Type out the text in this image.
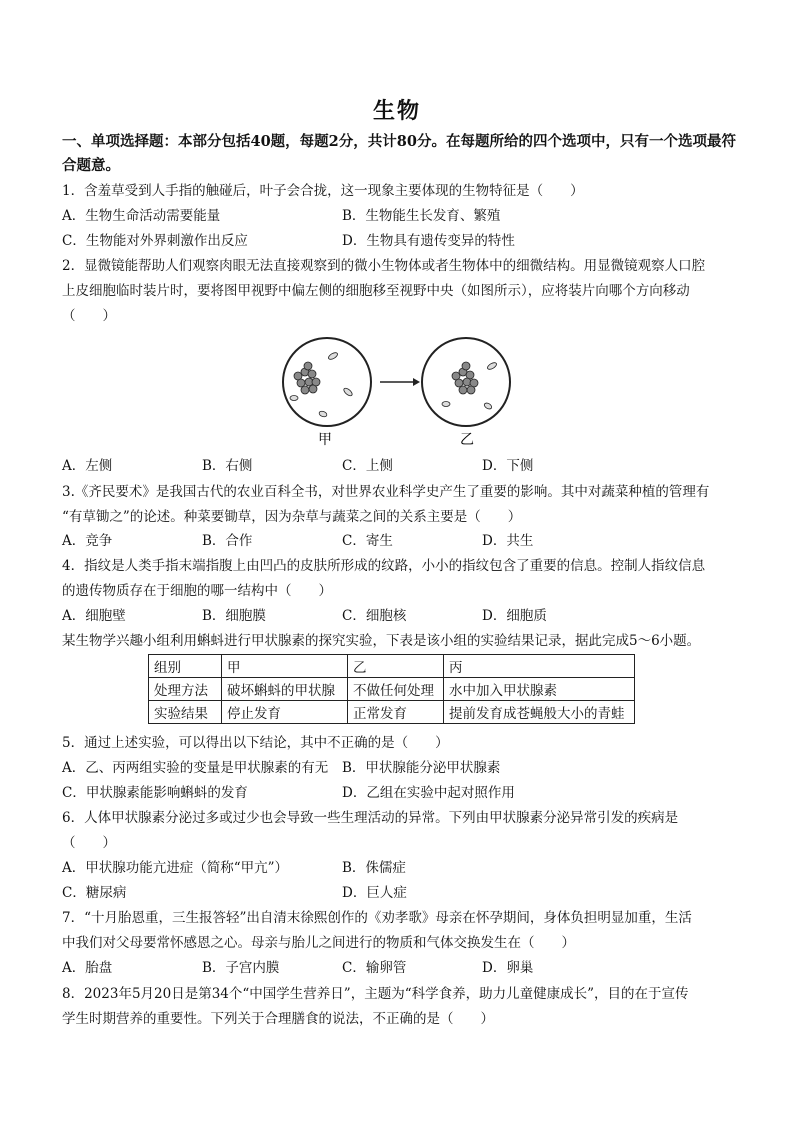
生物
一、单项选择题：本部分包括40题，每题2分，共计80分。在每题所给的四个选项中，只有一个选项最符合题意。
1．含羞草受到人手指的触碰后，叶子会合拢，这一现象主要体现的生物特征是（　　）
A．生物生命活动需要能量	B．生物能生长发育、繁殖
C．生物能对外界刺激作出反应	D．生物具有遗传变异的特性
2．显微镜能帮助人们观察肉眼无法直接观察到的微小生物体或者生物体中的细微结构。用显微镜观察人口腔
上皮细胞临时装片时，要将图甲视野中偏左侧的细胞移至视野中央（如图所示），应将装片向哪个方向移动
（　　）
甲	乙
A．左侧	B．右侧	C．上侧	D．下侧
3.《齐民要术》是我国古代的农业百科全书，对世界农业科学史产生了重要的影响。其中对蔬菜种植的管理有
“有草锄之”的论述。种菜要锄草，因为杂草与蔬菜之间的关系主要是（　　）
A．竞争	B．合作	C．寄生	D．共生
4．指纹是人类手指末端指腹上由凹凸的皮肤所形成的纹路，小小的指纹包含了重要的信息。控制人指纹信息
的遗传物质存在于细胞的哪一结构中（　　）
A．细胞壁	B．细胞膜	C．细胞核	D．细胞质
某生物学兴趣小组利用蝌蚪进行甲状腺素的探究实验，下表是该小组的实验结果记录，据此完成5～6小题。
组别	甲	乙	丙
处理方法	破坏蝌蚪的甲状腺	不做任何处理	水中加入甲状腺素
实验结果	停止发育	正常发育	提前发育成苍蝇般大小的青蛙
5．通过上述实验，可以得出以下结论，其中不正确的是（　　）
A．乙、丙两组实验的变量是甲状腺素的有无 B．甲状腺能分泌甲状腺素
C．甲状腺素能影响蝌蚪的发育	D．乙组在实验中起对照作用
6．人体甲状腺素分泌过多或过少也会导致一些生理活动的异常。下列由甲状腺素分泌异常引发的疾病是
（　　）
A．甲状腺功能亢进症（简称“甲亢”）	B．侏儒症
C．糖尿病	D．巨人症
7．“十月胎恩重，三生报答轻”出自清末徐熙创作的《劝孝歌》母亲在怀孕期间，身体负担明显加重，生活
中我们对父母要常怀感恩之心。母亲与胎儿之间进行的物质和气体交换发生在（　　）
A．胎盘	B．子宫内膜	C．输卵管	D．卵巢
8．2023年5月20日是第34个“中国学生营养日”，主题为“科学食养，助力儿童健康成长”，目的在于宣传
学生时期营养的重要性。下列关于合理膳食的说法，不正确的是（　　）
